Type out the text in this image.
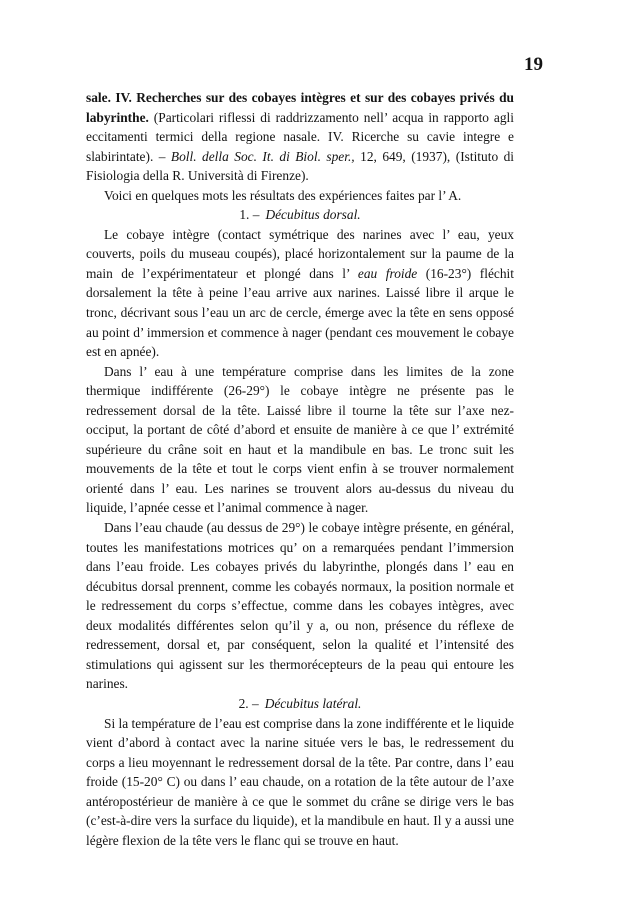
19

sale. IV. Recherches sur des cobayes intègres et sur des cobayes privés du labyrinthe. (Particolari riflessi di raddrizzamento nell’ acqua in rapporto agli eccitamenti termici della regione nasale. IV. Ricerche su cavie integre e slabirintate). – Boll. della Soc. It. di Biol. sper., 12, 649, (1937), (Istituto di Fisiologia della R. Università di Firenze).

Voici en quelques mots les résultats des expériences faites par l’ A.

1. – Décubitus dorsal.

Le cobaye intègre (contact symétrique des narines avec l’ eau, yeux couverts, poils du museau coupés), placé horizontalement sur la paume de la main de l’expérimentateur et plongé dans l’ eau froide (16-23°) fléchit dorsalement la tête à peine l’eau arrive aux narines. Laissé libre il arque le tronc, décrivant sous l’eau un arc de cercle, émerge avec la tête en sens opposé au point d’ immersion et commence à nager (pendant ces mouvement le cobaye est en apnée).

Dans l’ eau à une température comprise dans les limites de la zone thermique indifférente (26-29°) le cobaye intègre ne présente pas le redressement dorsal de la tête. Laissé libre il tourne la tête sur l’axe nez-occiput, la portant de côté d’abord et ensuite de manière à ce que l’ extrémité supérieure du crâne soit en haut et la mandibule en bas. Le tronc suit les mouvements de la tête et tout le corps vient enfin à se trouver normalement orienté dans l’ eau. Les narines se trouvent alors au-dessus du niveau du liquide, l’apnée cesse et l’animal commence à nager.

Dans l’eau chaude (au dessus de 29°) le cobaye intègre présente, en général, toutes les manifestations motrices qu’ on a remarquées pendant l’immersion dans l’eau froide. Les cobayes privés du labyrinthe, plongés dans l’ eau en décubitus dorsal prennent, comme les cobayés normaux, la position normale et le redressement du corps s’effectue, comme dans les cobayes intègres, avec deux modalités différentes selon qu’il y a, ou non, présence du réflexe de redressement, dorsal et, par conséquent, selon la qualité et l’intensité des stimulations qui agissent sur les thermorécepteurs de la peau qui entoure les narines.

2. – Décubitus latéral.

Si la température de l’eau est comprise dans la zone indifférente et le liquide vient d’abord à contact avec la narine située vers le bas, le redressement du corps a lieu moyennant le redressement dorsal de la tête. Par contre, dans l’ eau froide (15-20° C) ou dans l’ eau chaude, on a rotation de la tête autour de l’axe antéropostérieur de manière à ce que le sommet du crâne se dirige vers le bas (c’est-à-dire vers la surface du liquide), et la mandibule en haut. Il y a aussi une légère flexion de la tête vers le flanc qui se trouve en haut.
